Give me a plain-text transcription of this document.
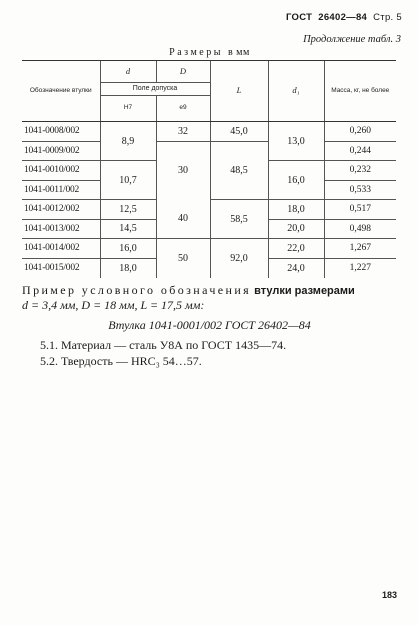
ГОСТ 26402—84 Стр. 5
Продолжение табл. 3
Размеры в мм
Обозначение втулки	d	D	L	d₁	Масса, кг, не более
	Поле допуска				
	H7	e9			
1041-0008/002	8,9	32	45,0	13,0	0,260
1041-0009/002		30	48,5		0,244
1041-0010/002	10,7			16,0	0,232
1041-0011/002					0,533
1041-0012/002	12,5	40	58,5	18,0	0,517
1041-0013/002	14,5			20,0	0,498
1041-0014/002	16,0	50	92,0	22,0	1,267
1041-0015/002	18,0			24,0	1,227
Пример условного обозначения втулки размерами
d = 3,4 мм, D = 18 мм, L = 17,5 мм:
Втулка 1041-0001/002 ГОСТ 26402—84
5.1. Материал — сталь У8А по ГОСТ 1435—74.
5.2. Твердость — HRC₃ 54…57.
183
